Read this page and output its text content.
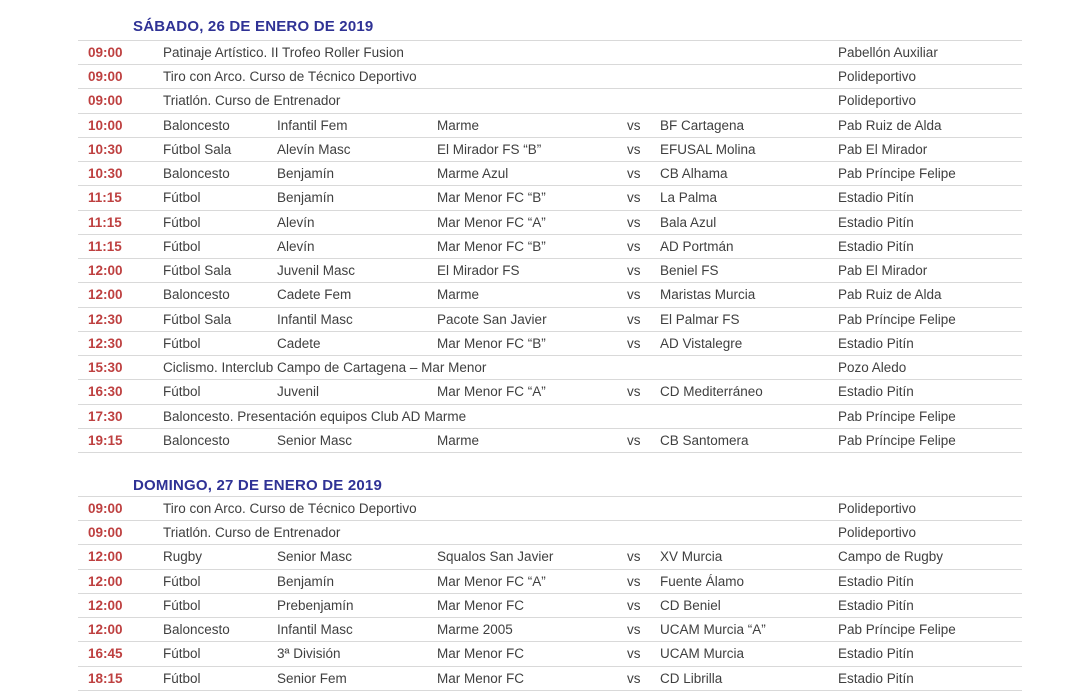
SÁBADO, 26 DE ENERO DE 2019
09:00	Patinaje Artístico. II Trofeo Roller Fusion	Pabellón Auxiliar
09:00	Tiro con Arco. Curso de Técnico Deportivo	Polideportivo
09:00	Triatlón. Curso de Entrenador	Polideportivo
10:00	Baloncesto	Infantil Fem	Marme	vs BF Cartagena	Pab Ruiz de Alda
10:30	Fútbol Sala	Alevín Masc	El Mirador FS “B”	vs EFUSAL Molina	Pab El Mirador
10:30	Baloncesto	Benjamín	Marme Azul	vs CB Alhama	Pab Príncipe Felipe
11:15	Fútbol	Benjamín	Mar Menor FC “B”	vs La Palma	Estadio Pitín
11:15	Fútbol	Alevín	Mar Menor FC “A”	vs Bala Azul	Estadio Pitín
11:15	Fútbol	Alevín	Mar Menor FC “B”	vs AD Portmán	Estadio Pitín
12:00	Fútbol Sala	Juvenil Masc	El Mirador FS	vs Beniel FS	Pab El Mirador
12:00	Baloncesto	Cadete Fem	Marme	vs Maristas Murcia	Pab Ruiz de Alda
12:30	Fútbol Sala	Infantil Masc	Pacote San Javier	vs El Palmar FS	Pab Príncipe Felipe
12:30	Fútbol	Cadete	Mar Menor FC “B”	vs AD Vistalegre	Estadio Pitín
15:30	Ciclismo. Interclub Campo de Cartagena – Mar Menor	Pozo Aledo
16:30	Fútbol	Juvenil	Mar Menor FC “A”	vs CD Mediterráneo	Estadio Pitín
17:30	Baloncesto. Presentación equipos Club AD Marme	Pab Príncipe Felipe
19:15	Baloncesto	Senior Masc	Marme	vs CB Santomera	Pab Príncipe Felipe
DOMINGO, 27 DE ENERO DE 2019
09:00	Tiro con Arco. Curso de Técnico Deportivo	Polideportivo
09:00	Triatlón. Curso de Entrenador	Polideportivo
12:00	Rugby	Senior Masc	Squalos San Javier	vs XV Murcia	Campo de Rugby
12:00	Fútbol	Benjamín	Mar Menor FC “A”	vs Fuente Álamo	Estadio Pitín
12:00	Fútbol	Prebenjamín	Mar Menor FC	vs CD Beniel	Estadio Pitín
12:00	Baloncesto	Infantil Masc	Marme 2005	vs UCAM Murcia “A”	Pab Príncipe Felipe
16:45	Fútbol	3ª División	Mar Menor FC	vs UCAM Murcia	Estadio Pitín
18:15	Fútbol	Senior Fem	Mar Menor FC	vs CD Librilla	Estadio Pitín
